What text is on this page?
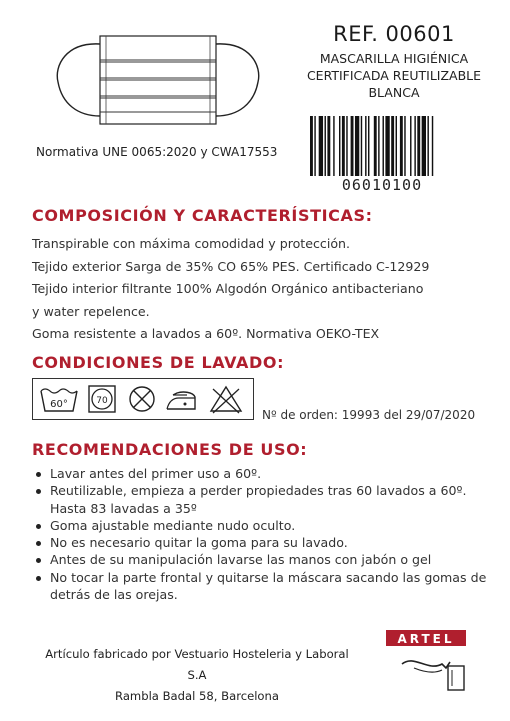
REF. 00601
MASCARILLA HIGIÉNICA
CERTIFICADA REUTILIZABLE
BLANCA
06010100
Normativa UNE 0065:2020 y CWA17553
COMPOSICIÓN Y CARACTERÍSTICAS:
Transpirable con máxima comodidad y protección.
Tejido exterior Sarga de 35% CO 65% PES. Certificado C-12929
Tejido interior filtrante 100% Algodón Orgánico antibacteriano
y water repelence.
Goma resistente a lavados a 60º. Normativa OEKO-TEX
CONDICIONES DE LAVADO:
60°	70
Nº de orden: 19993 del 29/07/2020
RECOMENDACIONES DE USO:
Lavar antes del primer uso a 60º.
Reutilizable, empieza a perder propiedades tras 60 lavados a 60º. Hasta 83 lavadas a 35º
Goma ajustable mediante nudo oculto.
No es necesario quitar la goma para su lavado.
Antes de su manipulación lavarse las manos con jabón o gel
No tocar la parte frontal y quitarse la máscara sacando las gomas de detrás de las orejas.
Artículo fabricado por Vestuario Hosteleria y Laboral S.A
Rambla Badal 58, Barcelona
ARTEL
